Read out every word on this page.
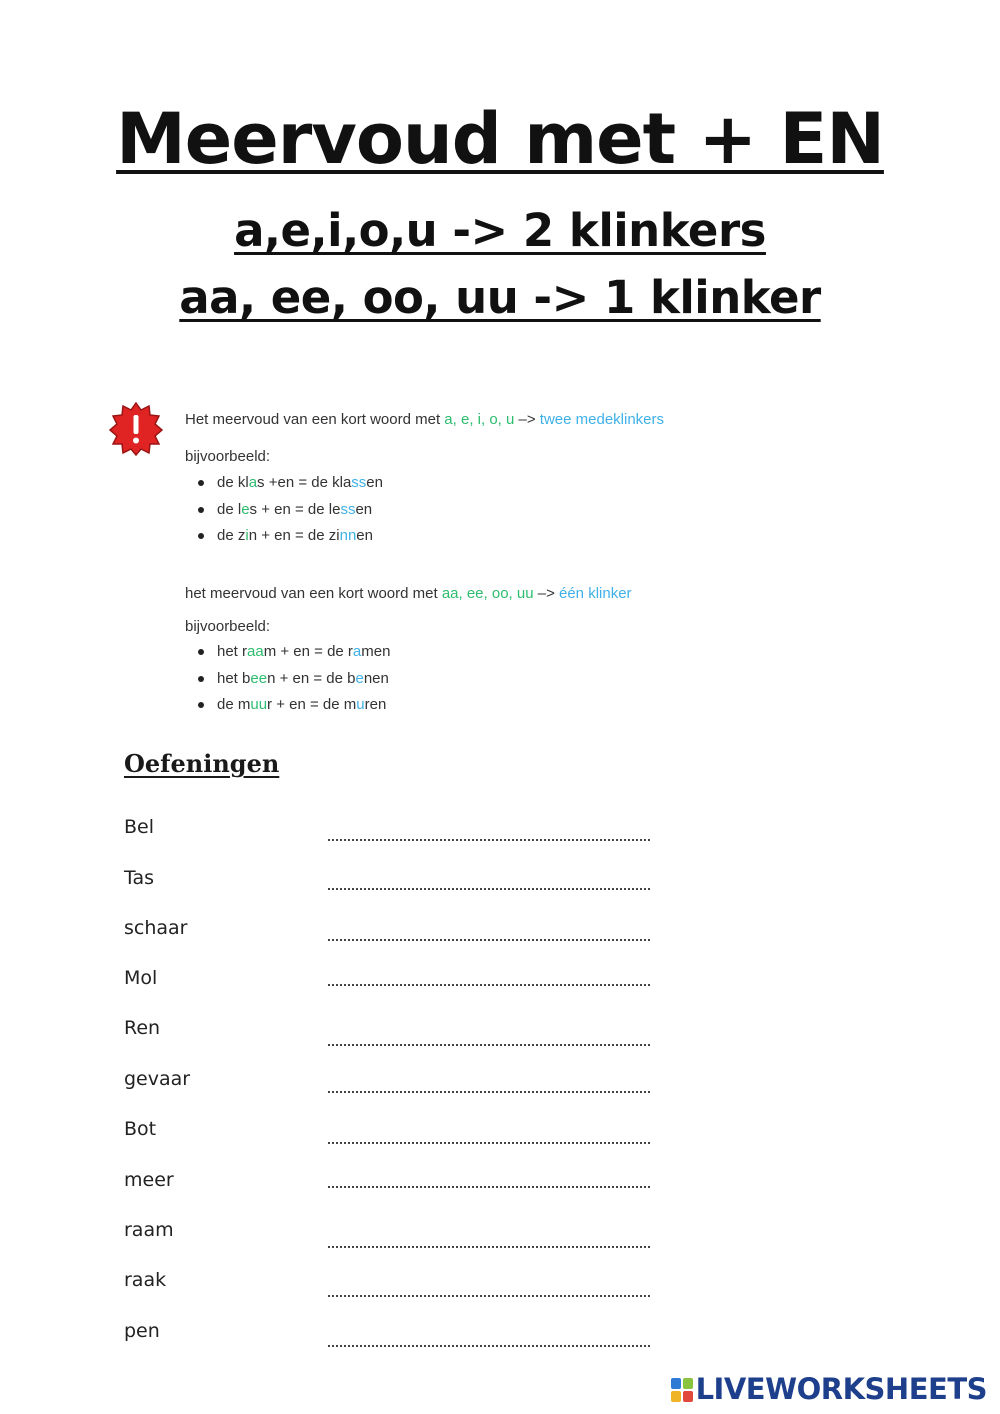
Meervoud met + EN
a,e,i,o,u -> 2 klinkers
aa, ee, oo, uu -> 1 klinker

Het meervoud van een kort woord met a, e, i, o, u –> twee medeklinkers

bijvoorbeeld:

de klas +en = de klassen
de les + en = de lessen
de zin + en = de zinnen

het meervoud van een kort woord met aa, ee, oo, uu –> één klinker

bijvoorbeeld:

het raam + en = de ramen
het been + en = de benen
de muur + en = de muren
Oefeningen
Bel
Tas
schaar
Mol
Ren
gevaar
Bot
meer
raam
raak
pen
LIVEWORKSHEETS
